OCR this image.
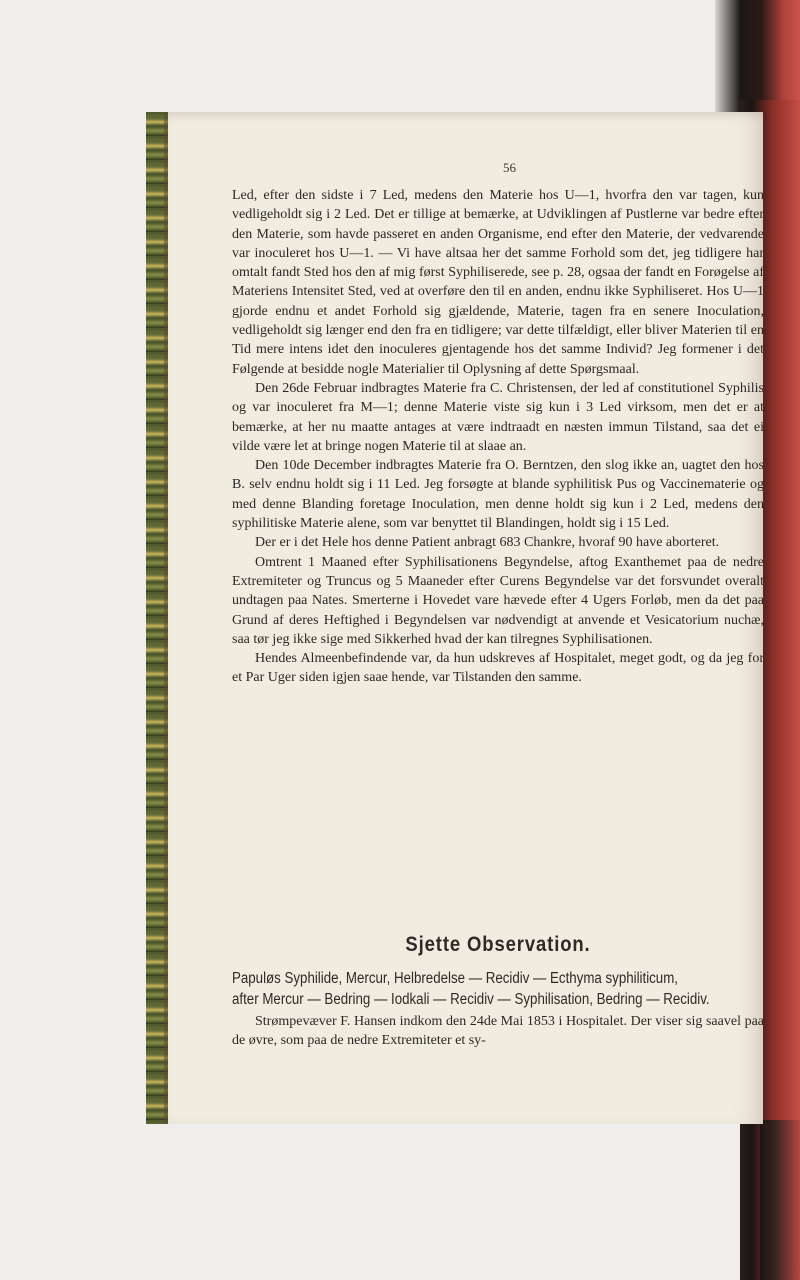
56

Led, efter den sidste i 7 Led, medens den Materie hos U—1, hvorfra den var tagen, kun vedligeholdt sig i 2 Led. Det er tillige at bemærke, at Udviklingen af Pustlerne var bedre efter den Materie, som havde passeret en anden Organisme, end efter den Materie, der vedvarende var inoculeret hos U—1. — Vi have altsaa her det samme Forhold som det, jeg tidligere har omtalt fandt Sted hos den af mig først Syphiliserede, see p. 28, ogsaa der fandt en Forøgelse af Materiens Intensitet Sted, ved at overføre den til en anden, endnu ikke Syphiliseret. Hos U—1 gjorde endnu et andet Forhold sig gjældende, Materie, tagen fra en senere Inoculation, vedligeholdt sig længer end den fra en tidligere; var dette tilfældigt, eller bliver Materien til en Tid mere intens idet den inoculeres gjentagende hos det samme Individ? Jeg formener i det Følgende at besidde nogle Materialier til Oplysning af dette Spørgsmaal.

Den 26de Februar indbragtes Materie fra C. Christensen, der led af constitutionel Syphilis og var inoculeret fra M—1; denne Materie viste sig kun i 3 Led virksom, men det er at bemærke, at her nu maatte antages at være indtraadt en næsten immun Tilstand, saa det ei vilde være let at bringe nogen Materie til at slaae an.

Den 10de December indbragtes Materie fra O. Berntzen, den slog ikke an, uagtet den hos B. selv endnu holdt sig i 11 Led. Jeg forsøgte at blande syphilitisk Pus og Vaccinemateriе og med denne Blanding foretage Inoculation, men denne holdt sig kun i 2 Led, medens den syphilitiske Materie alene, som var benyttet til Blandingen, holdt sig i 15 Led.

Der er i det Hele hos denne Patient anbragt 683 Chankre, hvoraf 90 have aborteret.

Omtrent 1 Maaned efter Syphilisationens Begyndelse, aftog Exanthemet paa de nedre Extremiteter og Truncus og 5 Maaneder efter Curens Begyndelse var det forsvundet overalt undtagen paa Nates. Smerterne i Hovedet vare hævede efter 4 Ugers Forløb, men da det paa Grund af deres Heftighed i Begyndelsen var nødvendigt at anvende et Vesicatorium nuchæ, saa tør jeg ikke sige med Sikkerhed hvad der kan tilregnes Syphilisationen.

Hendes Almeenbefindende var, da hun udskreves af Hospitalet, meget godt, og da jeg for et Par Uger siden igjen saae hende, var Tilstanden den samme.

Sjette Observation.
Papuløs Syphilide, Mercur, Helbredelse — Recidiv — Ecthyma syphiliticum,
after Mercur — Bedring — Iodkali — Recidiv — Syphilisation, Bedring — Recidiv.

Strømpevæver F. Hansen indkom den 24de Mai 1853 i Hospitalet. Der viser sig saavel paa de øvre, som paa de nedre Extremiteter et sy-
